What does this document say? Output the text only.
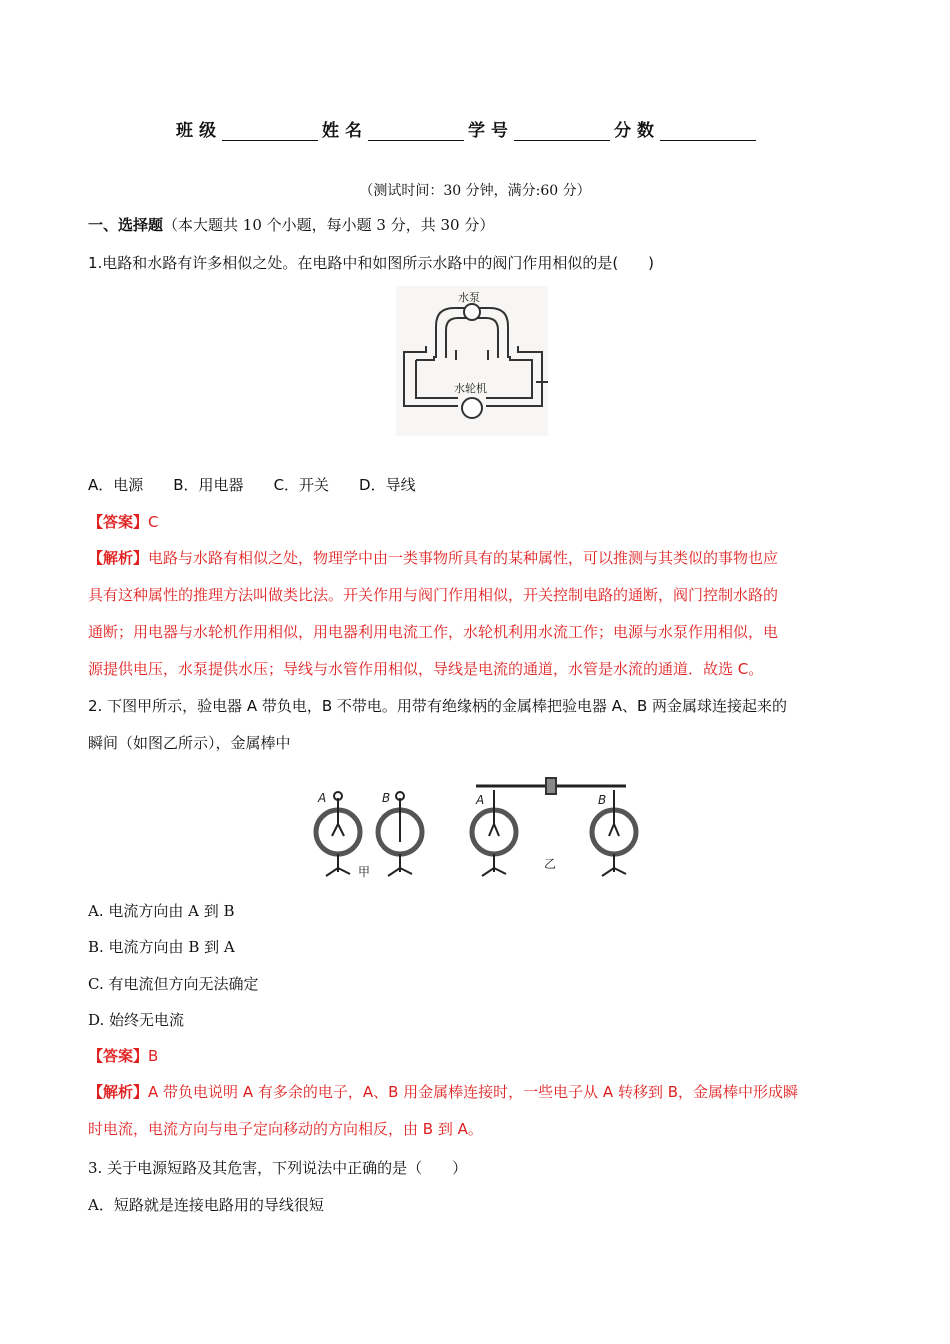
班级	姓名	学号	分数
（测试时间：30 分钟，满分:60 分）
一、选择题（本大题共 10 个小题，每小题 3 分，共 30 分）
1.电路和水路有许多相似之处。在电路中和如图所示水路中的阀门作用相似的是(　　)
水泵
水轮机
A．电源 B．用电器 C．开关 D．导线
【答案】C
【解析】电路与水路有相似之处，物理学中由一类事物所具有的某种属性，可以推测与其类似的事物也应
具有这种属性的推理方法叫做类比法。开关作用与阀门作用相似，开关控制电路的通断，阀门控制水路的
通断；用电器与水轮机作用相似，用电器利用电流工作，水轮机利用水流工作；电源与水泵作用相似，电
源提供电压，水泵提供水压；导线与水管作用相似，导线是电流的通道，水管是水流的通道．故选 C。
2. 下图甲所示，验电器 A 带负电，B 不带电。用带有绝缘柄的金属棒把验电器 A、B 两金属球连接起来的
瞬间（如图乙所示），金属棒中
A	B	A	B
甲
乙
A. 电流方向由 A 到 B
B. 电流方向由 B 到 A
C. 有电流但方向无法确定
D. 始终无电流
【答案】B
【解析】A 带负电说明 A 有多余的电子，A、B 用金属棒连接时，一些电子从 A 转移到 B，金属棒中形成瞬
时电流，电流方向与电子定向移动的方向相反，由 B 到 A。
3. 关于电源短路及其危害，下列说法中正确的是（　　）
A．短路就是连接电路用的导线很短
